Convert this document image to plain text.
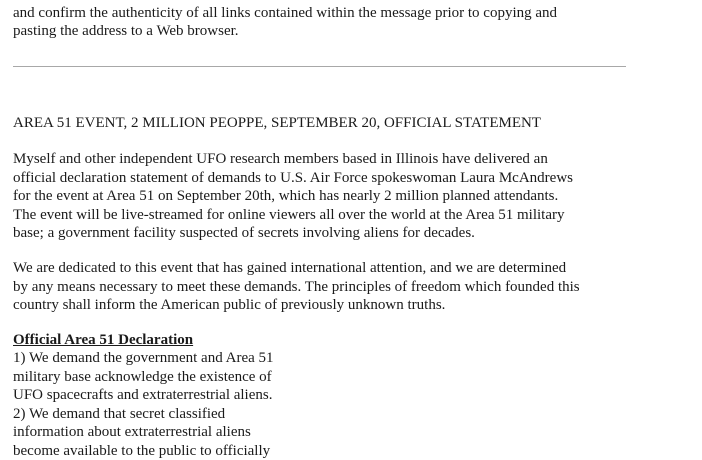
and confirm the authenticity of all links contained within the message prior to copying and
pasting the address to a Web browser.

AREA 51 EVENT, 2 MILLION PEOPPE, SEPTEMBER 20, OFFICIAL STATEMENT

Myself and other independent UFO research members based in Illinois have delivered an
official declaration statement of demands to U.S. Air Force spokeswoman Laura McAndrews
for the event at Area 51 on September 20th, which has nearly 2 million planned attendants.
The event will be live-streamed for online viewers all over the world at the Area 51 military
base; a government facility suspected of secrets involving aliens for decades.

We are dedicated to this event that has gained international attention, and we are determined
by any means necessary to meet these demands. The principles of freedom which founded this
country shall inform the American public of previously unknown truths.

Official Area 51 Declaration

1) We demand the government and Area 51
military base acknowledge the existence of
UFO spacecrafts and extraterrestrial aliens.
2) We demand that secret classified
information about extraterrestrial aliens
become available to the public to officially
